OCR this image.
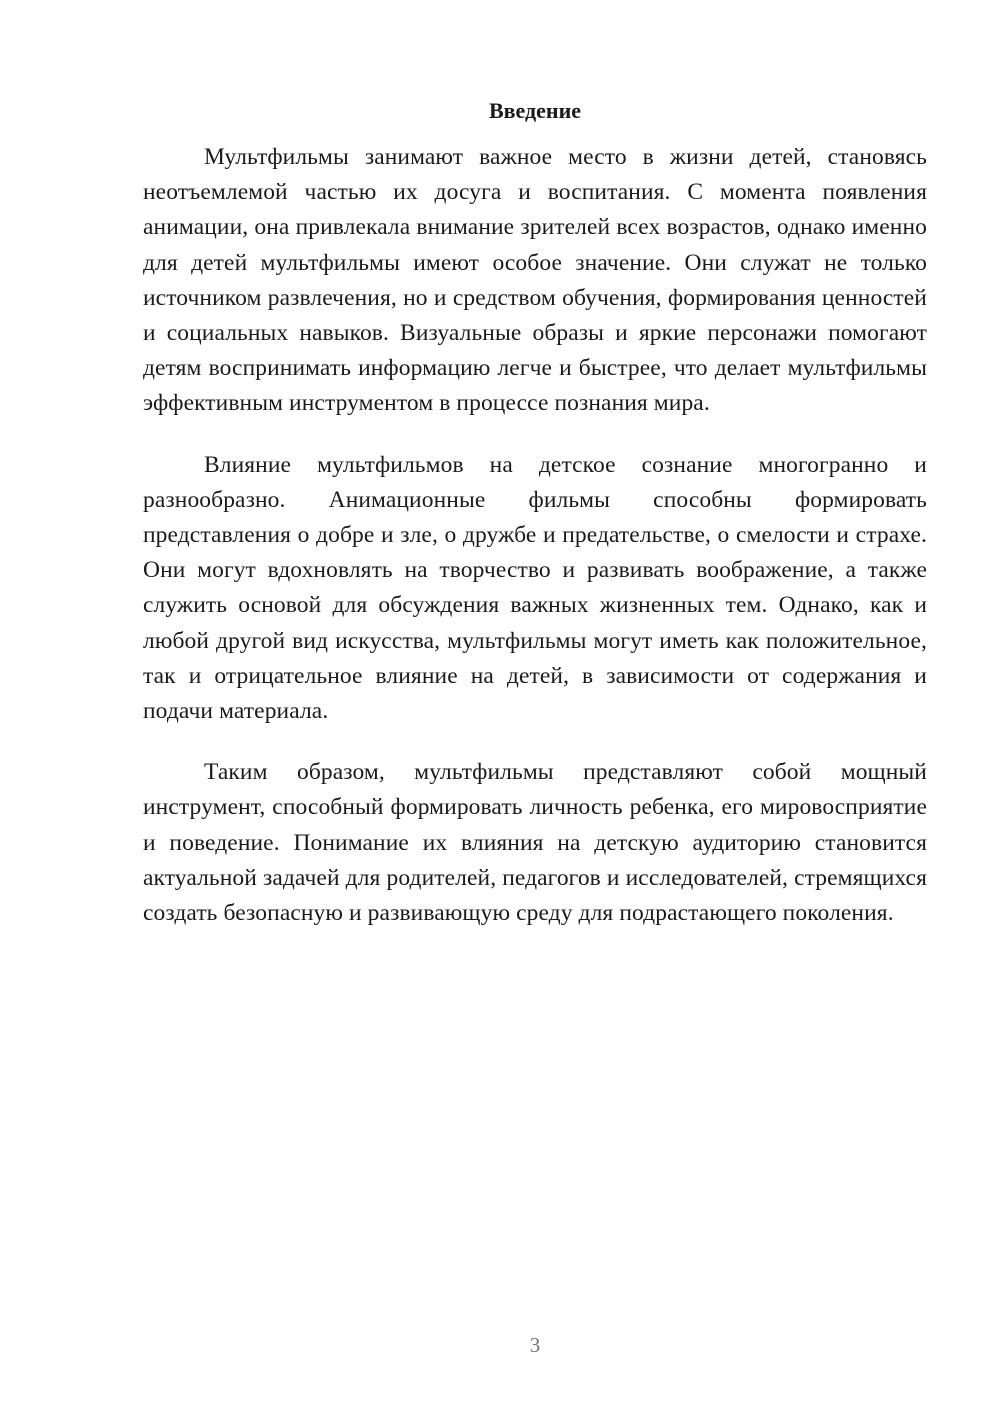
Введение

Мультфильмы занимают важное место в жизни детей, становясь неотъемлемой частью их досуга и воспитания. С момента появления анимации, она привлекала внимание зрителей всех возрастов, однако именно для детей мультфильмы имеют особое значение. Они служат не только источником развлечения, но и средством обучения, формирования ценностей и социальных навыков. Визуальные образы и яркие персонажи помогают детям воспринимать информацию легче и быстрее, что делает мультфильмы эффективным инструментом в процессе познания мира.

Влияние мультфильмов на детское сознание многогранно и разнообразно. Анимационные фильмы способны формировать представления о добре и зле, о дружбе и предательстве, о смелости и страхе. Они могут вдохновлять на творчество и развивать воображение, а также служить основой для обсуждения важных жизненных тем. Однако, как и любой другой вид искусства, мультфильмы могут иметь как положительное, так и отрицательное влияние на детей, в зависимости от содержания и подачи материала.

Таким образом, мультфильмы представляют собой мощный инструмент, способный формировать личность ребенка, его мировосприятие и поведение. Понимание их влияния на детскую аудиторию становится актуальной задачей для родителей, педагогов и исследователей, стремящихся создать безопасную и развивающую среду для подрастающего поколения.

3
